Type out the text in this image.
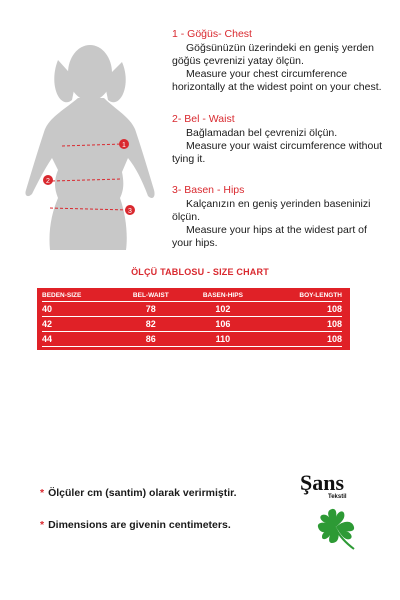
1
2
3
1 - Göğüs- Chest
Göğsünüzün üzerindeki en geniş yerden
göğüs çevrenizi yatay ölçün.
Measure your chest circumference
horizontally at the widest point on your chest.
2- Bel - Waist
Bağlamadan bel çevrenizi ölçün.
Measure your waist circumference without
tying it.
3- Basen - Hips
Kalçanızın en geniş yerinden baseninizi
ölçün.
Measure your hips at the widest part of
your hips.
ÖLÇÜ TABLOSU - SIZE CHART
BEDEN-SIZE	BEL-WAIST	BASEN-HIPS	BOY-LENGTH
40	78	102	108
42	82	106	108
44	86	110	108
* Ölçüler cm (santim) olarak verirmiştir.
* Dimensions are givenin centimeters.
Şans
Tekstil
